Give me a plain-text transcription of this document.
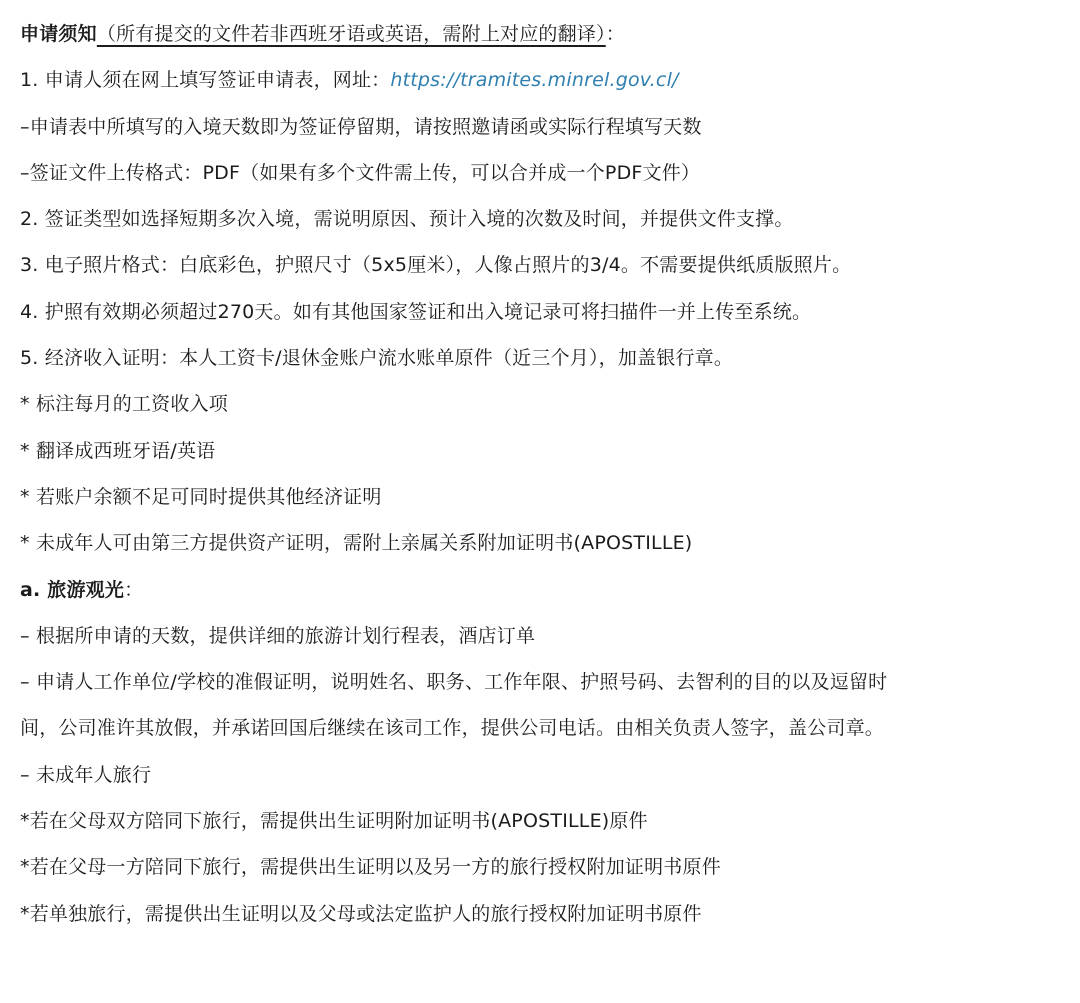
申请须知（所有提交的文件若非西班牙语或英语，需附上对应的翻译）：
1. 申请人须在网上填写签证申请表，网址：https://tramites.minrel.gov.cl/
–申请表中所填写的入境天数即为签证停留期，请按照邀请函或实际行程填写天数
–签证文件上传格式：PDF（如果有多个文件需上传，可以合并成一个PDF文件）
2. 签证类型如选择短期多次入境，需说明原因、预计入境的次数及时间，并提供文件支撑。
3. 电子照片格式：白底彩色，护照尺寸（5x5厘米），人像占照片的3/4。不需要提供纸质版照片。
4. 护照有效期必须超过270天。如有其他国家签证和出入境记录可将扫描件一并上传至系统。
5. 经济收入证明：本人工资卡/退休金账户流水账单原件（近三个月），加盖银行章。
* 标注每月的工资收入项
* 翻译成西班牙语/英语
* 若账户余额不足可同时提供其他经济证明
* 未成年人可由第三方提供资产证明，需附上亲属关系附加证明书(APOSTILLE)
a. 旅游观光：
– 根据所申请的天数，提供详细的旅游计划行程表，酒店订单
– 申请人工作单位/学校的准假证明，说明姓名、职务、工作年限、护照号码、去智利的目的以及逗留时间，公司准许其放假，并承诺回国后继续在该司工作，提供公司电话。由相关负责人签字，盖公司章。
– 未成年人旅行
*若在父母双方陪同下旅行，需提供出生证明附加证明书(APOSTILLE)原件
*若在父母一方陪同下旅行，需提供出生证明以及另一方的旅行授权附加证明书原件
*若单独旅行，需提供出生证明以及父母或法定监护人的旅行授权附加证明书原件
